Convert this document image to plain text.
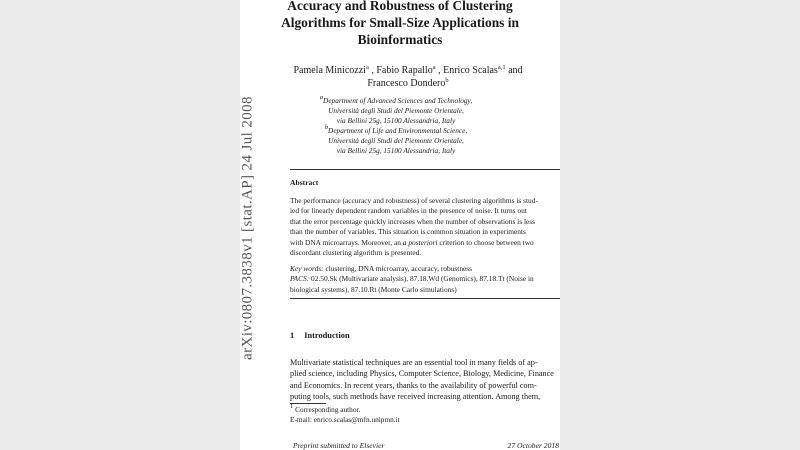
Accuracy and Robustness of Clustering
Algorithms for Small-Size Applications in
Bioinformatics
Pamela Minicozzi$^a$ , Fabio Rapallo$^a$ , Enrico Scalas$^{a,1}$ and
Francesco Dondero$^b$
$^a$Department of Advanced Sciences and Technology,
Università degli Studi del Piemonte Orientale,
via Bellini 25g, 15100 Alessandria, Italy
$^b$Department of Life and Environmental Science,
Università degli Studi del Piemonte Orientale,
via Bellini 25g, 15100 Alessandria, Italy
Abstract
The performance (accuracy and robustness) of several clustering algorithms is stud-
ied for linearly dependent random variables in the presence of noise. It turns out
that the error percentage quickly increases when the number of observations is less
than the number of variables. This situation is common situation in experiments
with DNA microarrays. Moreover, an a posteriori criterion to choose between two
discordant clustering algorithm is presented.
Key words: clustering, DNA microarray, accuracy, robustness
PACS: 02.50.Sk (Multivariate analysis), 87.18.Wd (Genomics), 87.18.Tt (Noise in
biological systems), 87.10.Rt (Monte Carlo simulations)
1 Introduction
Multivariate statistical techniques are an essential tool in many fields of ap-
plied science, including Physics, Computer Science, Biology, Medicine, Finance
and Economics. In recent years, thanks to the availability of powerful com-
puting tools, such methods have received increasing attention. Among them,
$^1$ Corresponding author.
E-mail: enrico.scalas@mfn.unipmn.it
Preprint submitted to Elsevier	27 October 2018
arXiv:0807.3838v1 [stat.AP] 24 Jul 2008
